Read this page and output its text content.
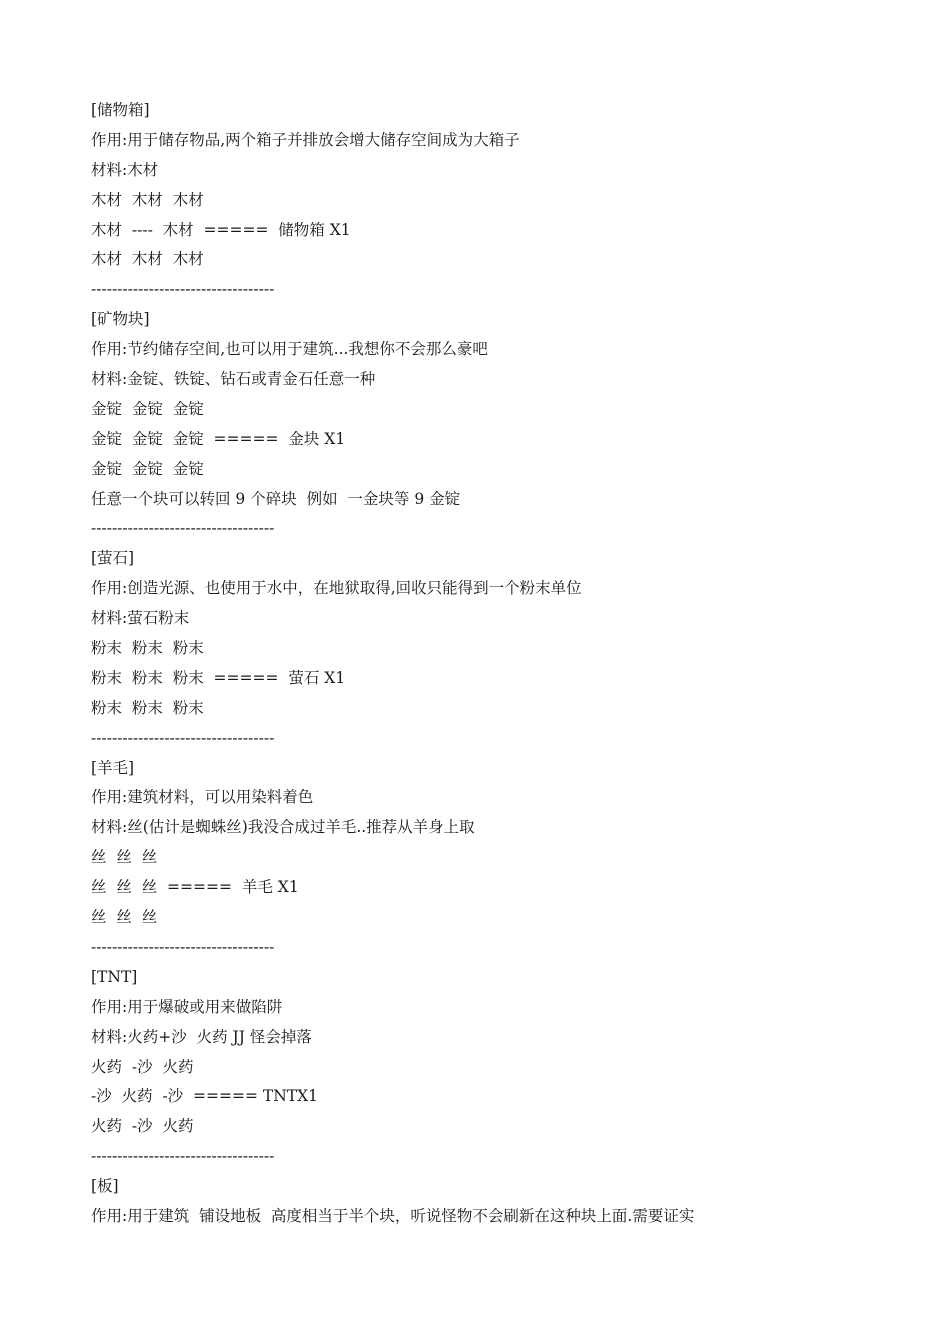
[储物箱]
作用:用于储存物品,两个箱子并排放会增大储存空间成为大箱子
材料:木材
木材  木材  木材
木材  ----  木材  =====  储物箱 X1
木材  木材  木材
-----------------------------------
[矿物块]
作用:节约储存空间,也可以用于建筑...我想你不会那么豪吧
材料:金锭、铁锭、钻石或青金石任意一种
金锭  金锭  金锭
金锭  金锭  金锭  =====  金块 X1
金锭  金锭  金锭
任意一个块可以转回 9 个碎块  例如  一金块等 9 金锭
-----------------------------------
[萤石]
作用:创造光源、也使用于水中，在地狱取得,回收只能得到一个粉末单位
材料:萤石粉末
粉末  粉末  粉末
粉末  粉末  粉末  =====  萤石 X1
粉末  粉末  粉末
-----------------------------------
[羊毛]
作用:建筑材料，可以用染料着色
材料:丝(估计是蜘蛛丝)我没合成过羊毛..推荐从羊身上取
丝  丝  丝
丝  丝  丝  =====  羊毛 X1
丝  丝  丝
-----------------------------------
[TNT]
作用:用于爆破或用来做陷阱
材料:火药+沙  火药 JJ 怪会掉落
火药  -沙  火药
-沙  火药  -沙  ===== TNTX1
火药  -沙  火药
-----------------------------------
[板]
作用:用于建筑  铺设地板  高度相当于半个块，听说怪物不会刷新在这种块上面.需要证实
